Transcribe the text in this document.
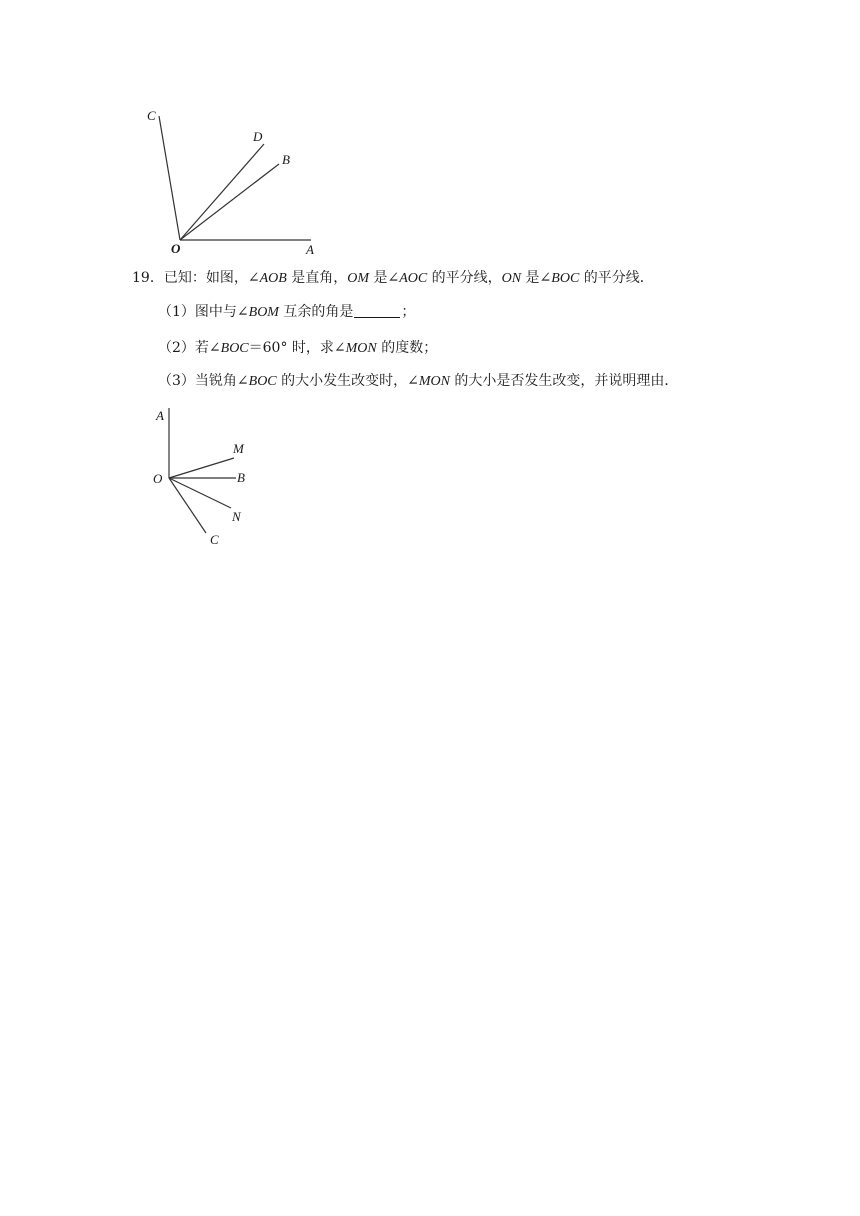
C
D
B
O	A
19．已知：如图，∠AOB 是直角，OM 是∠AOC 的平分线，ON 是∠BOC 的平分线．
（1）图中与∠BOM 互余的角是	；
（2）若∠BOC＝60° 时，求∠MON 的度数；
（3）当锐角∠BOC 的大小发生改变时，∠MON 的大小是否发生改变，并说明理由．
A
M
O	B
N
C
